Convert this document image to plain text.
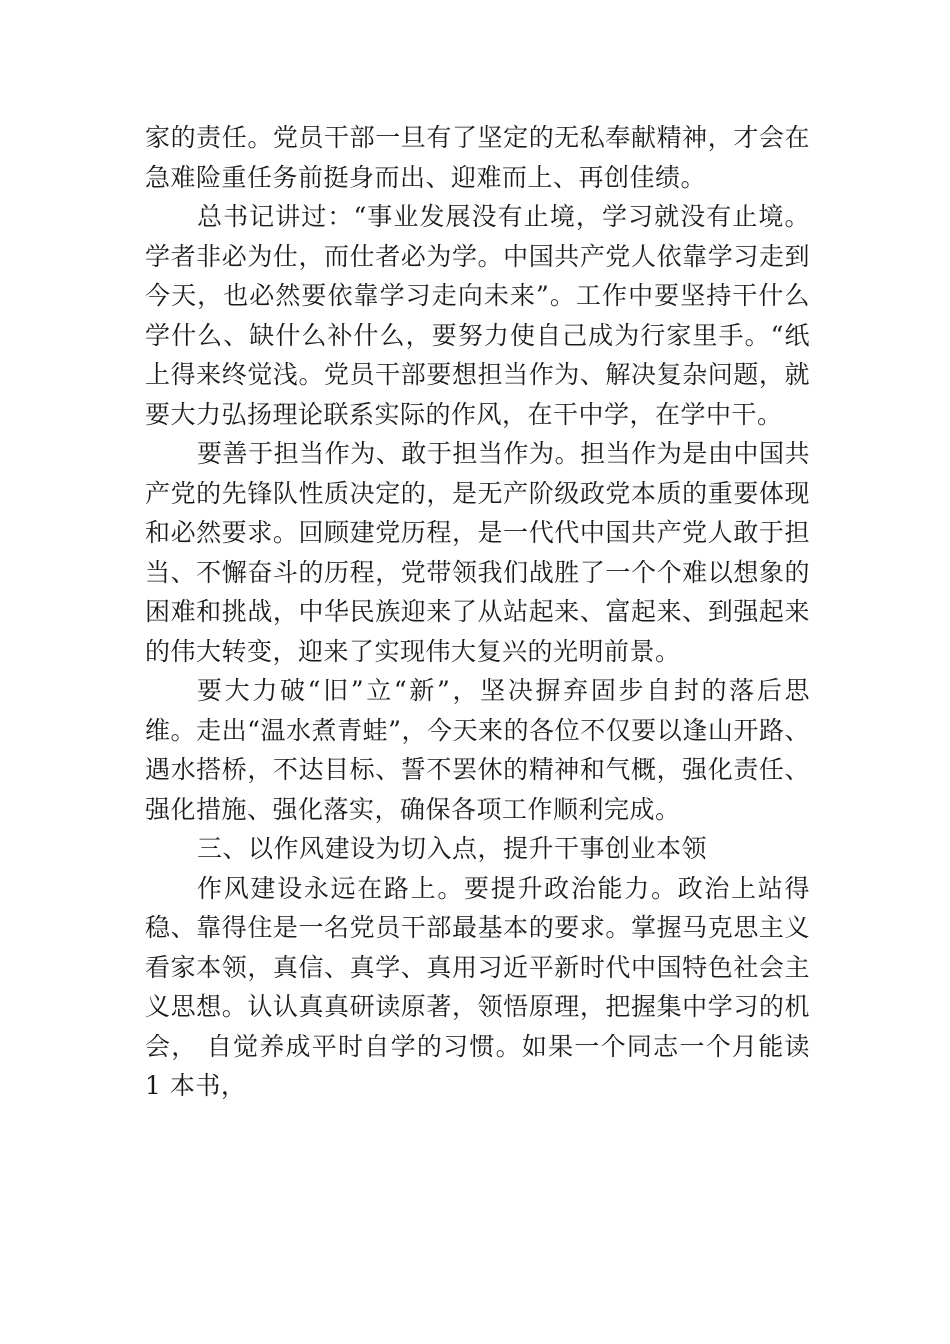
家的责任。党员干部一旦有了坚定的无私奉献精神，才会在急难险重任务前挺身而出、迎难而上、再创佳绩。

总书记讲过：“事业发展没有止境，学习就没有止境。学者非必为仕，而仕者必为学。中国共产党人依靠学习走到今天，也必然要依靠学习走向未来”。工作中要坚持干什么学什么、缺什么补什么，要努力使自己成为行家里手。“纸上得来终觉浅。党员干部要想担当作为、解决复杂问题，就要大力弘扬理论联系实际的作风，在干中学，在学中干。

要善于担当作为、敢于担当作为。担当作为是由中国共产党的先锋队性质决定的，是无产阶级政党本质的重要体现和必然要求。回顾建党历程，是一代代中国共产党人敢于担当、不懈奋斗的历程，党带领我们战胜了一个个难以想象的困难和挑战，中华民族迎来了从站起来、富起来、到强起来的伟大转变，迎来了实现伟大复兴的光明前景。

要大力破“旧”立“新”，坚决摒弃固步自封的落后思维。走出“温水煮青蛙”，今天来的各位不仅要以逢山开路、遇水搭桥，不达目标、誓不罢休的精神和气概，强化责任、强化措施、强化落实，确保各项工作顺利完成。

三、以作风建设为切入点，提升干事创业本领

作风建设永远在路上。要提升政治能力。政治上站得稳、靠得住是一名党员干部最基本的要求。掌握马克思主义看家本领，真信、真学、真用习近平新时代中国特色社会主义思想。认认真真研读原著，领悟原理，把握集中学习的机会， 自觉养成平时自学的习惯。如果一个同志一个月能读 1 本书，
